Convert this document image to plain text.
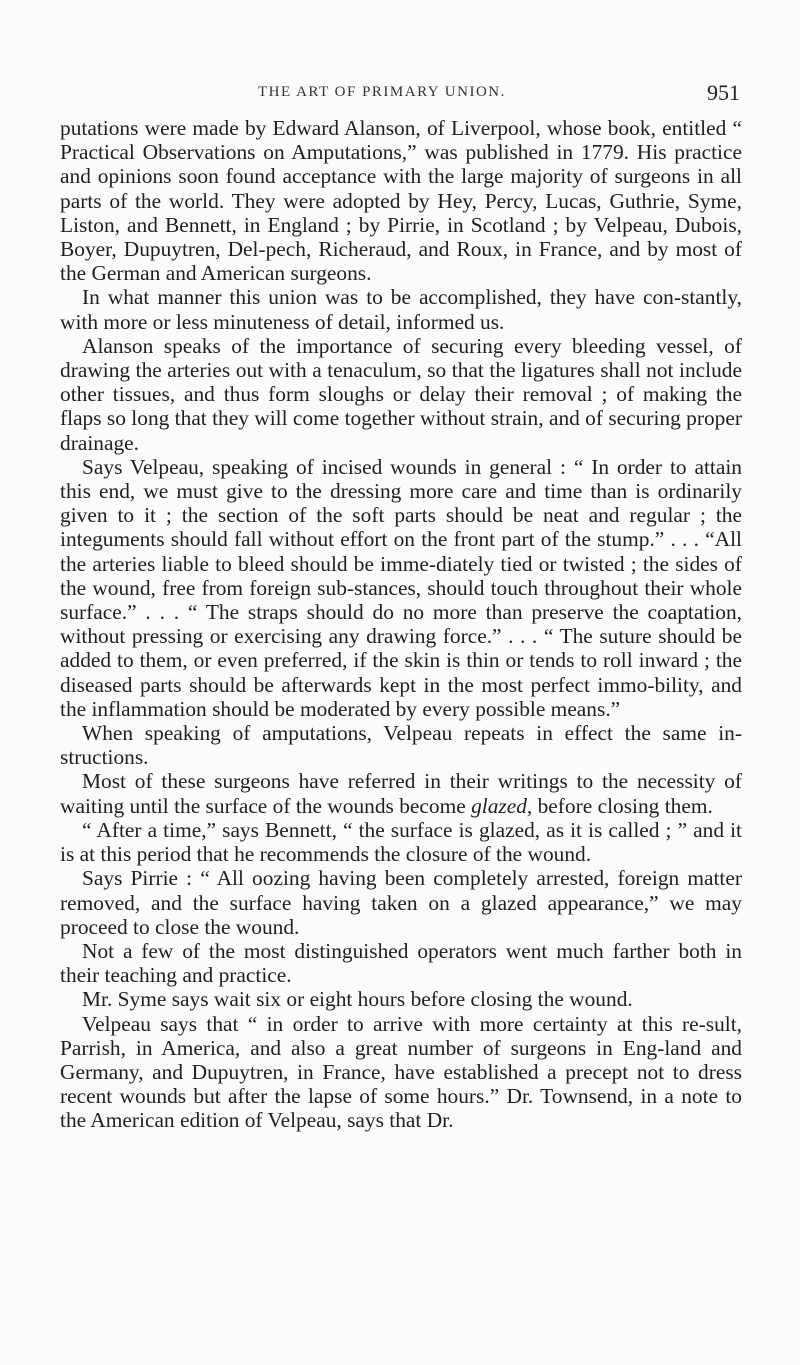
THE ART OF PRIMARY UNION.	951

putations were made by Edward Alanson, of Liverpool, whose book, entitled “ Practical Observations on Amputations,” was published in 1779. His practice and opinions soon found acceptance with the large majority of surgeons in all parts of the world. They were adopted by Hey, Percy, Lucas, Guthrie, Syme, Liston, and Bennett, in England ; by Pirrie, in Scotland ; by Velpeau, Dubois, Boyer, Dupuytren, Del-pech, Richeraud, and Roux, in France, and by most of the German and American surgeons.

In what manner this union was to be accomplished, they have con-stantly, with more or less minuteness of detail, informed us.

Alanson speaks of the importance of securing every bleeding vessel, of drawing the arteries out with a tenaculum, so that the ligatures shall not include other tissues, and thus form sloughs or delay their removal ; of making the flaps so long that they will come together without strain, and of securing proper drainage.

Says Velpeau, speaking of incised wounds in general : “ In order to attain this end, we must give to the dressing more care and time than is ordinarily given to it ; the section of the soft parts should be neat and regular ; the integuments should fall without effort on the front part of the stump.” . . . “All the arteries liable to bleed should be imme-diately tied or twisted ; the sides of the wound, free from foreign sub-stances, should touch throughout their whole surface.” . . . “ The straps should do no more than preserve the coaptation, without pressing or exercising any drawing force.” . . . “ The suture should be added to them, or even preferred, if the skin is thin or tends to roll inward ; the diseased parts should be afterwards kept in the most perfect immo-bility, and the inflammation should be moderated by every possible means.”

When speaking of amputations, Velpeau repeats in effect the same in-structions.

Most of these surgeons have referred in their writings to the necessity of waiting until the surface of the wounds become glazed, before closing them.

“ After a time,” says Bennett, “ the surface is glazed, as it is called ; ” and it is at this period that he recommends the closure of the wound.

Says Pirrie : “ All oozing having been completely arrested, foreign matter removed, and the surface having taken on a glazed appearance,” we may proceed to close the wound.

Not a few of the most distinguished operators went much farther both in their teaching and practice.

Mr. Syme says wait six or eight hours before closing the wound.

Velpeau says that “ in order to arrive with more certainty at this re-sult, Parrish, in America, and also a great number of surgeons in Eng-land and Germany, and Dupuytren, in France, have established a precept not to dress recent wounds but after the lapse of some hours.” Dr. Townsend, in a note to the American edition of Velpeau, says that Dr.
